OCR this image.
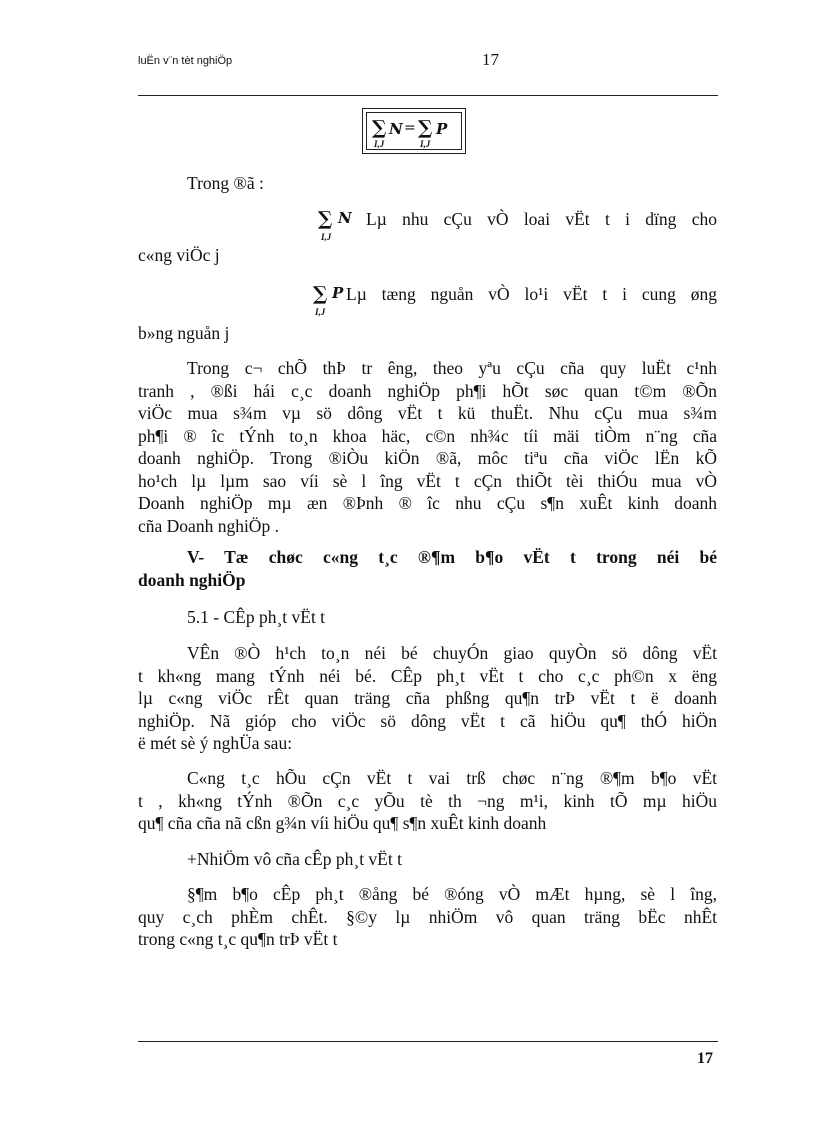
luËn v¨n tèt nghiÖp	17
∑
I,J
N = ∑
I,J
P
Trong ®ã :
∑
I,J
N Lµ nhu cÇu vÒ loai vËt t i dïng cho
c«ng viÖc j
∑
I,J
P Lµ tæng nguån vÒ lo¹i vËt t i cung øng
b»ng nguån j
Trong c¬ chÕ thÞ tr êng, theo yªu cÇu cña quy luËt c¹nh
tranh , ®ßi hái c¸c doanh nghiÖp ph¶i hÕt søc quan t©m ®Õn
viÖc mua s¾m vµ sö dông vËt t kü thuËt. Nhu cÇu mua s¾m
ph¶i ® îc tÝnh to¸n khoa häc, c©n nh¾c tíi mäi tiÒm n¨ng cña
doanh nghiÖp. Trong ®iÒu kiÖn ®ã, môc tiªu cña viÖc lËn kÕ
ho¹ch lµ lµm sao víi sè l îng vËt t cÇn thiÕt tèi thiÓu mua vÒ
Doanh nghiÖp mµ æn ®Þnh ® îc nhu cÇu s¶n xuÊt kinh doanh
cña Doanh nghiÖp .
V- Tæ chøc c«ng t¸c ®¶m b¶o vËt t trong néi bé
doanh nghiÖp
5.1 - CÊp ph¸t vËt t
VÊn ®Ò h¹ch to¸n néi bé chuyÓn giao quyÒn sö dông vËt
t kh«ng mang tÝnh néi bé. CÊp ph¸t vËt t cho c¸c ph©n x ëng
lµ c«ng viÖc rÊt quan träng cña phßng qu¶n trÞ vËt t ë doanh
nghiÖp. Nã gióp cho viÖc sö dông vËt t cã hiÖu qu¶ thÓ hiÖn
ë mét sè ý nghÜa sau:
C«ng t¸c hÕu cÇn vËt t vai trß chøc n¨ng ®¶m b¶o vËt
t , kh«ng tÝnh ®Õn c¸c yÕu tè th ¬ng m¹i, kinh tÕ mµ hiÖu
qu¶ cña cña nã cßn g¾n víi hiÖu qu¶ s¶n xuÊt kinh doanh
+NhiÖm vô cña cÊp ph¸t vËt t
§¶m b¶o cÊp ph¸t ®ång bé ®óng vÒ mÆt hµng, sè l îng,
quy c¸ch phÈm chÊt. §©y lµ nhiÖm vô quan träng bËc nhÊt
trong c«ng t¸c qu¶n trÞ vËt t
17
